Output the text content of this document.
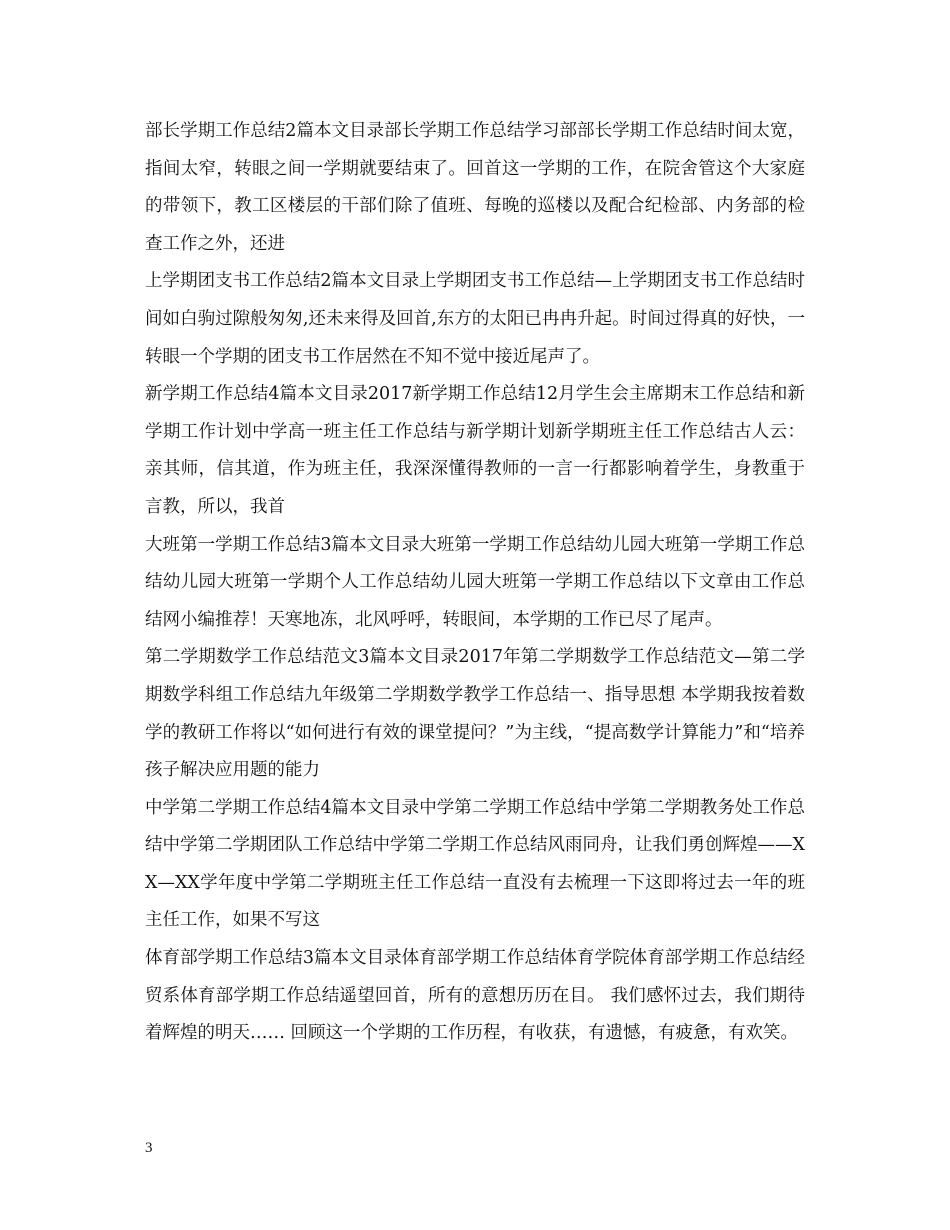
部长学期工作总结2篇本文目录部长学期工作总结学习部部长学期工作总结时间太宽，指间太窄，转眼之间一学期就要结束了。回首这一学期的工作，在院舍管这个大家庭的带领下，教工区楼层的干部们除了值班、每晚的巡楼以及配合纪检部、内务部的检查工作之外，还进

上学期团支书工作总结2篇本文目录上学期团支书工作总结—上学期团支书工作总结时间如白驹过隙般匆匆,还未来得及回首,东方的太阳已冉冉升起。时间过得真的好快，一转眼一个学期的团支书工作居然在不知不觉中接近尾声了。

新学期工作总结4篇本文目录2017新学期工作总结12月学生会主席期末工作总结和新学期工作计划中学高一班主任工作总结与新学期计划新学期班主任工作总结古人云：亲其师，信其道，作为班主任，我深深懂得教师的一言一行都影响着学生，身教重于言教，所以，我首

大班第一学期工作总结3篇本文目录大班第一学期工作总结幼儿园大班第一学期工作总结幼儿园大班第一学期个人工作总结幼儿园大班第一学期工作总结以下文章由工作总结网小编推荐！天寒地冻，北风呼呼，转眼间，本学期的工作已尽了尾声。

第二学期数学工作总结范文3篇本文目录2017年第二学期数学工作总结范文—第二学期数学科组工作总结九年级第二学期数学教学工作总结一、指导思想 本学期我按着数学的教研工作将以“如何进行有效的课堂提问？”为主线，“提高数学计算能力”和“培养孩子解决应用题的能力

中学第二学期工作总结4篇本文目录中学第二学期工作总结中学第二学期教务处工作总结中学第二学期团队工作总结中学第二学期工作总结风雨同舟，让我们勇创辉煌——XX—XX学年度中学第二学期班主任工作总结一直没有去梳理一下这即将过去一年的班主任工作，如果不写这

体育部学期工作总结3篇本文目录体育部学期工作总结体育学院体育部学期工作总结经贸系体育部学期工作总结遥望回首，所有的意想历历在目。 我们感怀过去，我们期待着辉煌的明天…… 回顾这一个学期的工作历程，有收获，有遗憾，有疲惫，有欢笑。

3
